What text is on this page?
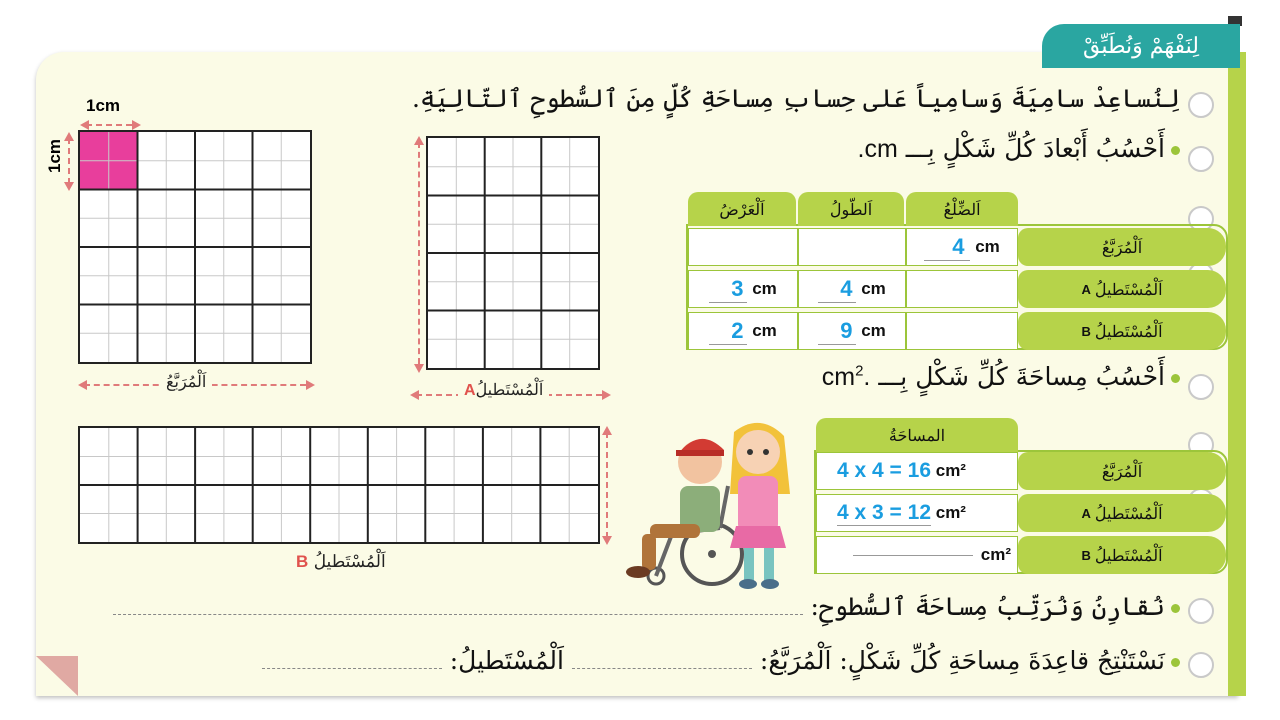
لِنَفْهَمْ وَنُطَبِّقْ
لِنُساعِدْ سامِيَةَ وَسامِياً عَلى حِسابِ مِساحَةِ كُلٍّ مِنَ ٱلسُّطوحِ ٱلتّالِيَةِ.
أَحْسُبُ أَبْعادَ كُلِّ شَكْلٍ بِـــ cm.
أَحْسُبُ مِساحَةَ كُلِّ شَكْلٍ بِـــ $cm^2$.
نُقارِنُ وَنُرَتِّبُ مِساحَةَ ٱلسُّطوحِ:
نَسْتَنْتِجُ قاعِدَةَ مِساحَةِ كُلِّ شَكْلٍ: اَلْمُرَبَّعُ:  اَلْمُسْتَطيلُ:
1cm
1cm
اَلْمُرَبَّعُ	اَلْمُسْتَطيلُA
اَلْمُسْتَطيلُ B
اَلضِّلْعُ
اَلطّولُ
اَلْعَرْضُ
اَلْمُرَبَّعُ
4
cm
اَلْمُسْتَطيلُ
A
4
cm
3
cm
اَلْمُسْتَطيلُ
B
9
cm
2
cm
المساحَةُ
اَلْمُرَبَّعُ
4 x 4 = 16
cm²
اَلْمُسْتَطيلُ
A
4 x 3 = 12
cm²
اَلْمُسْتَطيلُ
B
cm²
